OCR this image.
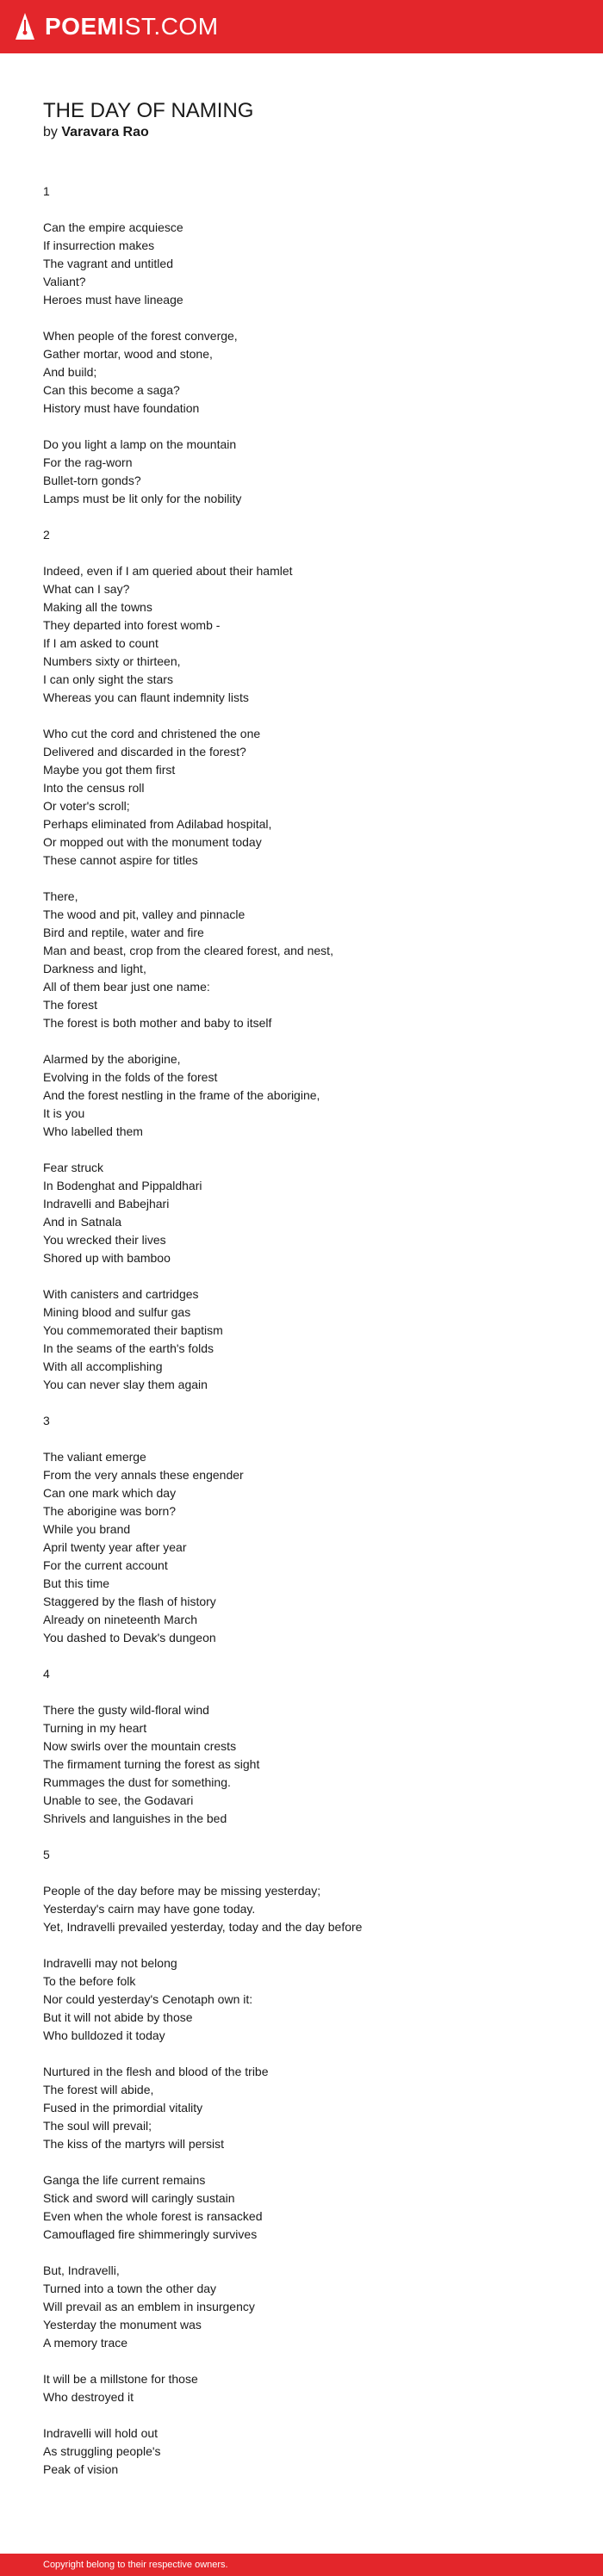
POEMIST.COM
THE DAY OF NAMING
by Varavara Rao
1
Can the empire acquiesce
If insurrection makes
The vagrant and untitled
Valiant?
Heroes must have lineage
When people of the forest converge,
Gather mortar, wood and stone,
And build;
Can this become a saga?
History must have foundation
Do you light a lamp on the mountain
For the rag-worn
Bullet-torn gonds?
Lamps must be lit only for the nobility
2
Indeed, even if I am queried about their hamlet
What can I say?
Making all the towns
They departed into forest womb -
If I am asked to count
Numbers sixty or thirteen,
I can only sight the stars
Whereas you can flaunt indemnity lists
Who cut the cord and christened the one
Delivered and discarded in the forest?
Maybe you got them first
Into the census roll
Or voter's scroll;
Perhaps eliminated from Adilabad hospital,
Or mopped out with the monument today
These cannot aspire for titles
There,
The wood and pit, valley and pinnacle
Bird and reptile, water and fire
Man and beast, crop from the cleared forest, and nest,
Darkness and light,
All of them bear just one name:
The forest
The forest is both mother and baby to itself
Alarmed by the aborigine,
Evolving in the folds of the forest
And the forest nestling in the frame of the aborigine,
It is you
Who labelled them
Fear struck
In Bodenghat and Pippaldhari
Indravelli and Babejhari
And in Satnala
You wrecked their lives
Shored up with bamboo
With canisters and cartridges
Mining blood and sulfur gas
You commemorated their baptism
In the seams of the earth's folds
With all accomplishing
You can never slay them again
3
The valiant emerge
From the very annals these engender
Can one mark which day
The aborigine was born?
While you brand
April twenty year after year
For the current account
But this time
Staggered by the flash of history
Already on nineteenth March
You dashed to Devak's dungeon
4
There the gusty wild-floral wind
Turning in my heart
Now swirls over the mountain crests
The firmament turning the forest as sight
Rummages the dust for something.
Unable to see, the Godavari
Shrivels and languishes in the bed
5
People of the day before may be missing yesterday;
Yesterday's cairn may have gone today.
Yet, Indravelli prevailed yesterday, today and the day before
Indravelli may not belong
To the before folk
Nor could yesterday's Cenotaph own it:
But it will not abide by those
Who bulldozed it today
Nurtured in the flesh and blood of the tribe
The forest will abide,
Fused in the primordial vitality
The soul will prevail;
The kiss of the martyrs will persist
Ganga the life current remains
Stick and sword will caringly sustain
Even when the whole forest is ransacked
Camouflaged fire shimmeringly survives
But, Indravelli,
Turned into a town the other day
Will prevail as an emblem in insurgency
Yesterday the monument was
A memory trace
It will be a millstone for those
Who destroyed it
Indravelli will hold out
As struggling people's
Peak of vision
Copyright belong to their respective owners.
